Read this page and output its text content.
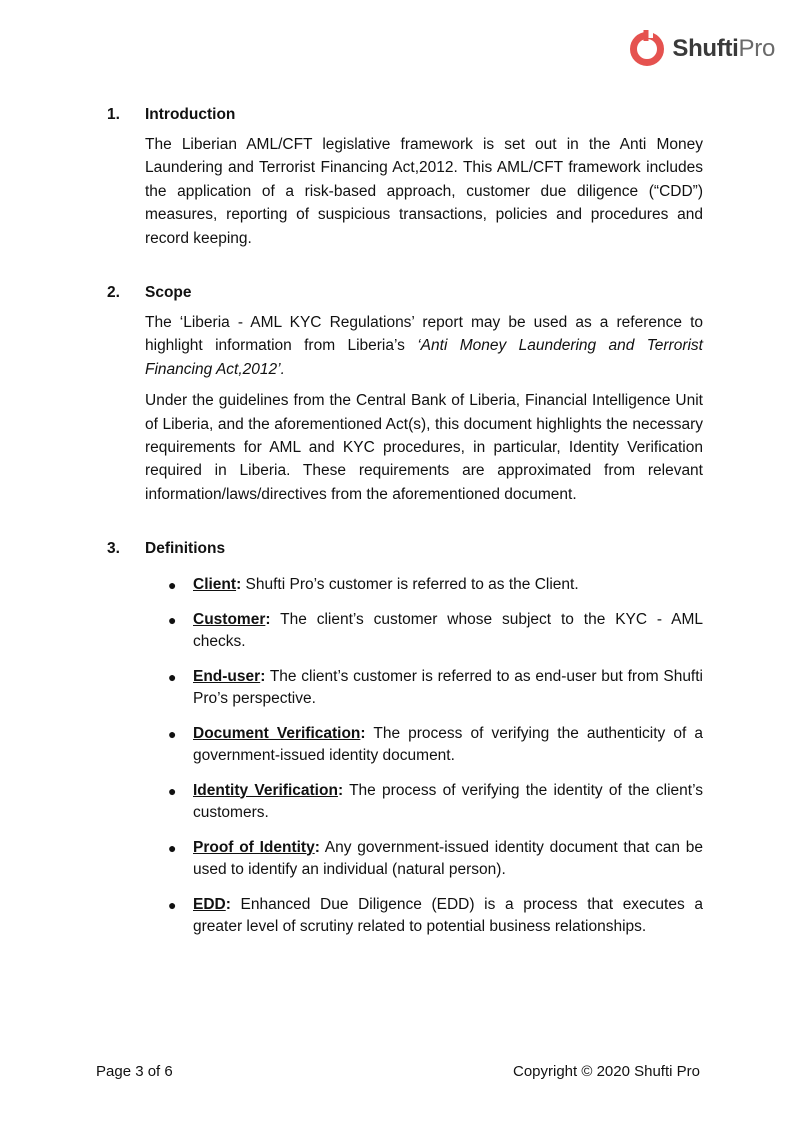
ShuftiPro
1.	Introduction

The Liberian AML/CFT legislative framework is set out in the Anti Money Laundering and Terrorist Financing Act,2012. This AML/CFT framework includes the application of a risk-based approach, customer due diligence (“CDD”) measures, reporting of suspicious transactions, policies and procedures and record keeping.

2.	Scope

The ‘Liberia - AML KYC Regulations’ report may be used as a reference to highlight information from Liberia’s ‘Anti Money Laundering and Terrorist Financing Act,2012’.

Under the guidelines from the Central Bank of Liberia, Financial Intelligence Unit of Liberia, and the aforementioned Act(s), this document highlights the necessary requirements for AML and KYC procedures, in particular, Identity Verification required in Liberia. These requirements are approximated from relevant information/laws/directives from the aforementioned document.

3.	Definitions
● Client: Shufti Pro’s customer is referred to as the Client.
● Customer: The client’s customer whose subject to the KYC - AML checks.
● End-user: The client’s customer is referred to as end-user but from Shufti Pro’s perspective.
● Document Verification: The process of verifying the authenticity of a government-issued identity document.
● Identity Verification: The process of verifying the identity of the client’s customers.
● Proof of Identity: Any government-issued identity document that can be used to identify an individual (natural person).
● EDD: Enhanced Due Diligence (EDD) is a process that executes a greater level of scrutiny related to potential business relationships.
Page 3 of 6	Copyright © 2020 Shufti Pro
